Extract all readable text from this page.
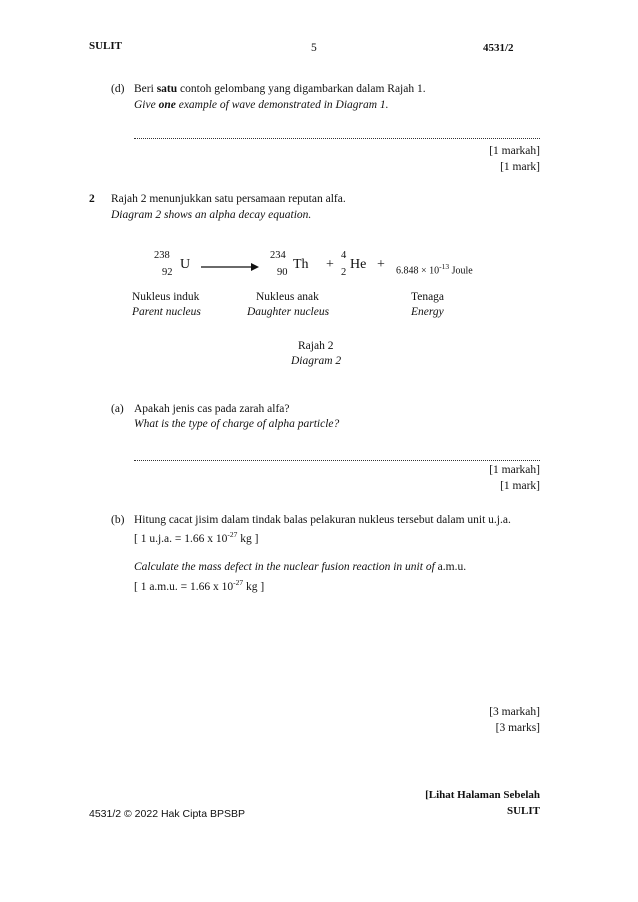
SULIT	5	4531/2
(d) Beri satu contoh gelombang yang digambarkan dalam Rajah 1.
Give one example of wave demonstrated in Diagram 1.
[1 markah]
[1 mark]
2 Rajah 2 menunjukkan satu persamaan reputan alfa.
Diagram 2 shows an alpha decay equation.
238
92
U →
234
90
Th +
4
2
$He + 6.848 \times 10^{-13}$ Joule
Nukleus induk
Parent nucleus
Nukleus anak
Daughter nucleus
Tenaga
Energy
Rajah 2
Diagram 2
(a) Apakah jenis cas pada zarah alfa?
What is the type of charge of alpha particle?
[1 markah]
[1 mark]
(b) Hitung cacat jisim dalam tindak balas pelakuran nukleus tersebut dalam unit u.j.a.
[ 1 u.j.a. = 1.66 x $10^{-27}$ kg ]
Calculate the mass defect in the nuclear fusion reaction in unit of a.m.u.
[ 1 a.m.u. = 1.66 x $10^{-27}$ kg ]
[3 markah]
[3 marks]
4531/2 © 2022 Hak Cipta BPSBP
[Lihat Halaman Sebelah
SULIT
